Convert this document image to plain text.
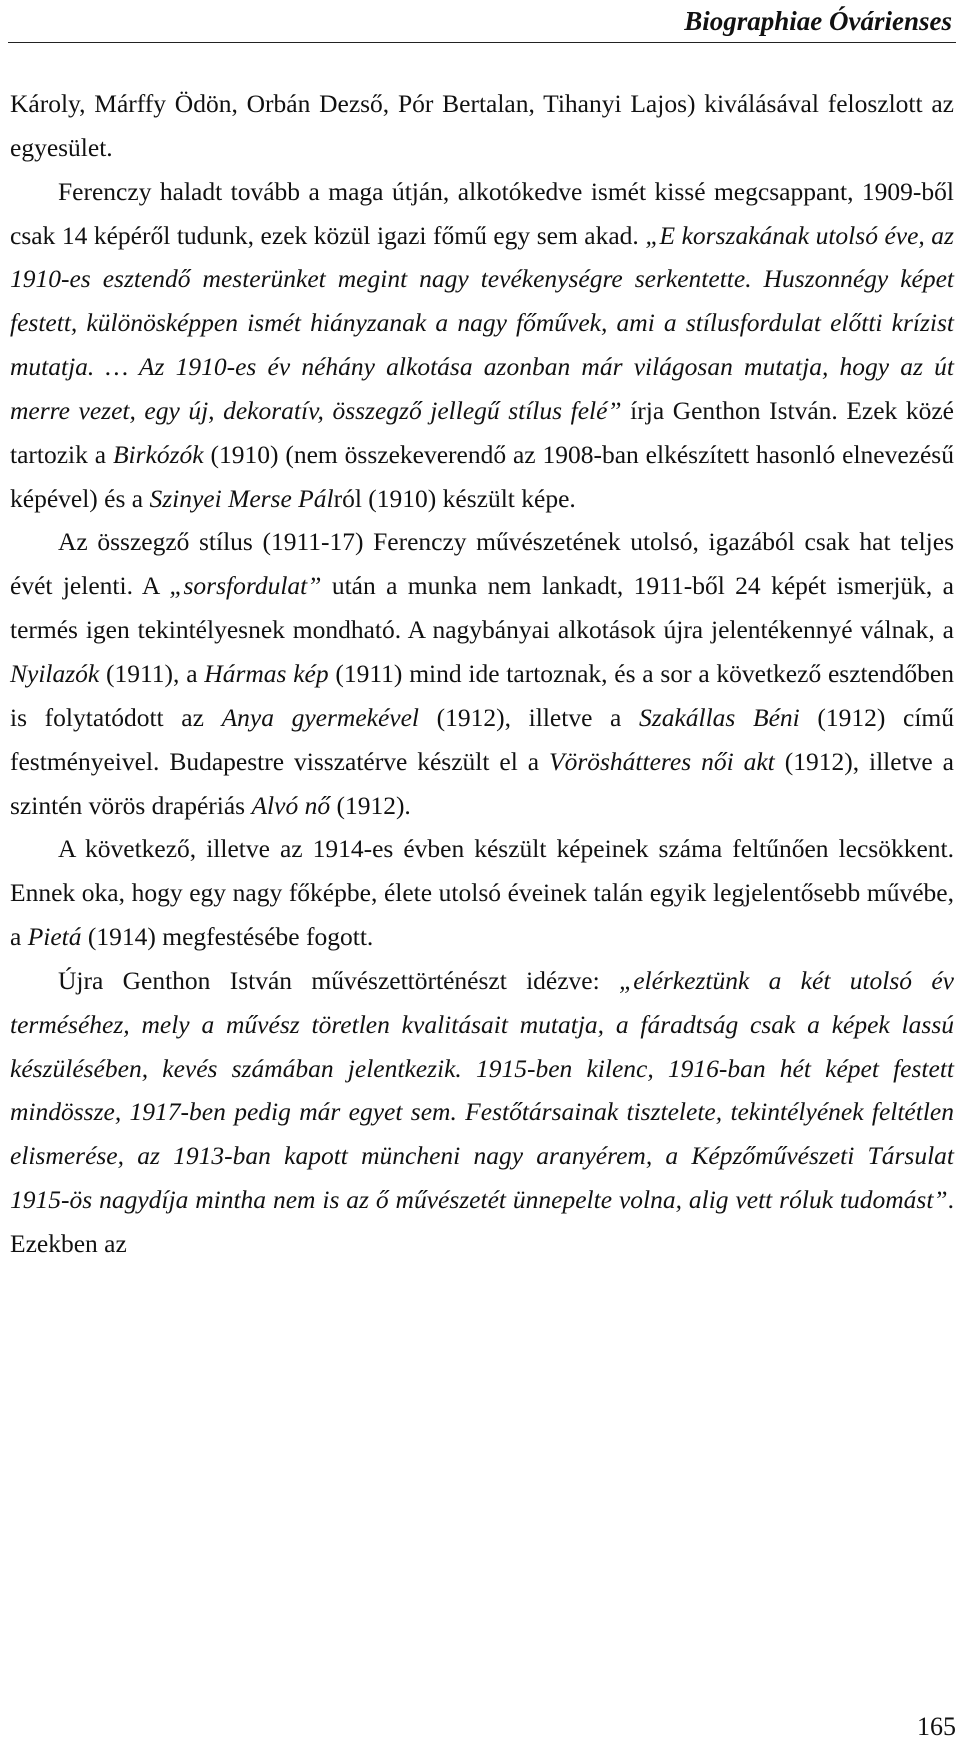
Biographiae Óvárienses

Károly, Márffy Ödön, Orbán Dezső, Pór Bertalan, Tihanyi Lajos) kiválásával feloszlott az egyesület.

Ferenczy haladt tovább a maga útján, alkotókedve ismét kissé megcsappant, 1909-ből csak 14 képéről tudunk, ezek közül igazi főmű egy sem akad. „E korszakának utolsó éve, az 1910-es esztendő mesterünket megint nagy tevékenységre serkentette. Huszonnégy képet festett, különösképpen ismét hiányzanak a nagy főművek, ami a stílusfordulat előtti krízist mutatja. … Az 1910-es év néhány alkotása azonban már világosan mutatja, hogy az út merre vezet, egy új, dekoratív, összegző jellegű stílus felé” írja Genthon István. Ezek közé tartozik a Birkózók (1910) (nem összekeverendő az 1908-ban elkészített hasonló elnevezésű képével) és a Szinyei Merse Pálról (1910) készült képe.

Az összegző stílus (1911-17) Ferenczy művészetének utolsó, igazából csak hat teljes évét jelenti. A „sorsfordulat” után a munka nem lankadt, 1911-ből 24 képét ismerjük, a termés igen tekintélyesnek mondható. A nagybányai alkotások újra jelentékennyé válnak, a Nyilazók (1911), a Hármas kép (1911) mind ide tartoznak, és a sor a következő esztendőben is folytatódott az Anya gyermekével (1912), illetve a Szakállas Béni (1912) című festményeivel. Budapestre visszatérve készült el a Vöröshátteres női akt (1912), illetve a szintén vörös drapériás Alvó nő (1912).

A következő, illetve az 1914-es évben készült képeinek száma feltűnően lecsökkent. Ennek oka, hogy egy nagy főképbe, élete utolsó éveinek talán egyik legjelentősebb művébe, a Pietá (1914) megfestésébe fogott.

Újra Genthon István művészettörténészt idézve: „elérkeztünk a két utolsó év terméséhez, mely a művész töretlen kvalitásait mutatja, a fáradtság csak a képek lassú készülésében, kevés számában jelentkezik. 1915-ben kilenc, 1916-ban hét képet festett mindössze, 1917-ben pedig már egyet sem. Festőtársainak tisztelete, tekintélyének feltétlen elismerése, az 1913-ban kapott müncheni nagy aranyérem, a Képzőművészeti Társulat 1915-ös nagydíja mintha nem is az ő művészetét ünnepelte volna, alig vett róluk tudomást”. Ezekben az

165
